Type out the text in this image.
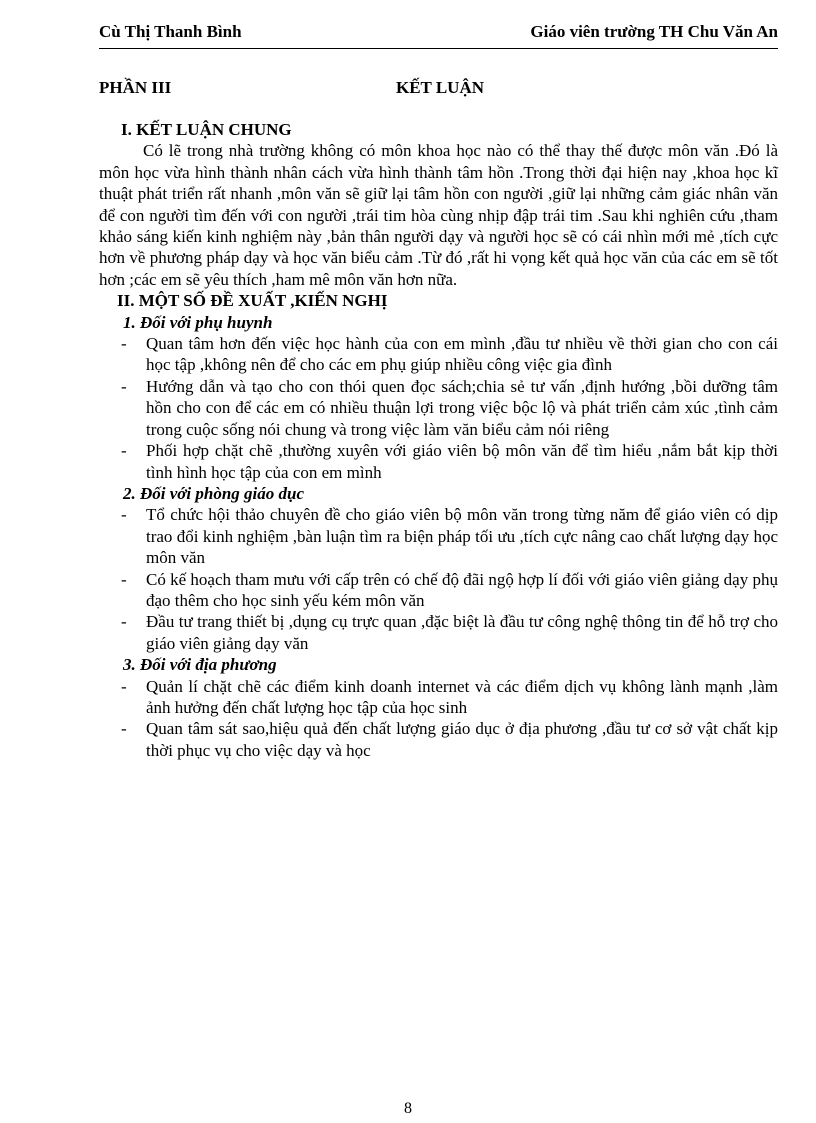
Cù Thị Thanh Bình	Giáo viên trường TH Chu Văn An
PHẦN III	KẾT LUẬN

I. KẾT LUẬN CHUNG

Có lẽ trong nhà trường không có môn khoa học nào có thể thay thế được môn văn .Đó là môn học vừa hình thành nhân cách vừa hình thành tâm hồn .Trong thời đại hiện nay ,khoa học kĩ thuật phát triển rất nhanh ,môn văn sẽ giữ lại tâm hồn con người ,giữ lại những cảm giác nhân văn để con người tìm đến với con người ,trái tim hòa cùng nhịp đập trái tim .Sau khi nghiên cứu ,tham khảo sáng kiến kinh nghiệm này ,bản thân người dạy và người học sẽ có cái nhìn mới mẻ ,tích cực hơn về phương pháp dạy và học văn biểu cảm .Từ đó ,rất hi vọng kết quả học văn của các em sẽ tốt hơn ;các em sẽ yêu thích ,ham mê môn văn hơn nữa.

II. MỘT SỐ ĐỀ XUẤT ,KIẾN NGHỊ

1. Đối với phụ huynh

- Quan tâm hơn đến việc học hành của con em mình ,đầu tư nhiều về thời gian cho con cái học tập ,không nên để cho các em phụ giúp nhiều công việc gia đình
- Hướng dẫn và tạo cho con thói quen đọc sách;chia sẻ tư vấn ,định hướng ,bồi dưỡng tâm hồn cho con để các em có nhiều thuận lợi trong việc bộc lộ và phát triển cảm xúc ,tình cảm trong cuộc sống nói chung và trong việc làm văn biểu cảm nói riêng
- Phối hợp chặt chẽ ,thường xuyên với giáo viên bộ môn văn để tìm hiểu ,nắm bắt kịp thời tình hình học tập của con em mình

2. Đối với phòng giáo dục

- Tổ chức hội thảo chuyên đề cho giáo viên bộ môn văn trong từng năm để giáo viên có dịp trao đổi kinh nghiệm ,bàn luận tìm ra biện pháp tối ưu ,tích cực nâng cao chất lượng dạy học môn văn
- Có kế hoạch tham mưu với cấp trên có chế độ đãi ngộ hợp lí đối với giáo viên giảng dạy phụ đạo thêm cho học sinh yếu kém môn văn
- Đầu tư trang thiết bị ,dụng cụ trực quan ,đặc biệt là đầu tư công nghệ thông tin để hỗ trợ cho giáo viên giảng dạy văn

3. Đối với địa phương

- Quản lí chặt chẽ các điểm kinh doanh internet và các điểm dịch vụ không lành mạnh ,làm ảnh hưởng đến chất lượng học tập của học sinh
- Quan tâm sát sao,hiệu quả đến chất lượng giáo dục ở địa phương ,đầu tư cơ sở vật chất kịp thời phục vụ cho việc dạy và học
8
